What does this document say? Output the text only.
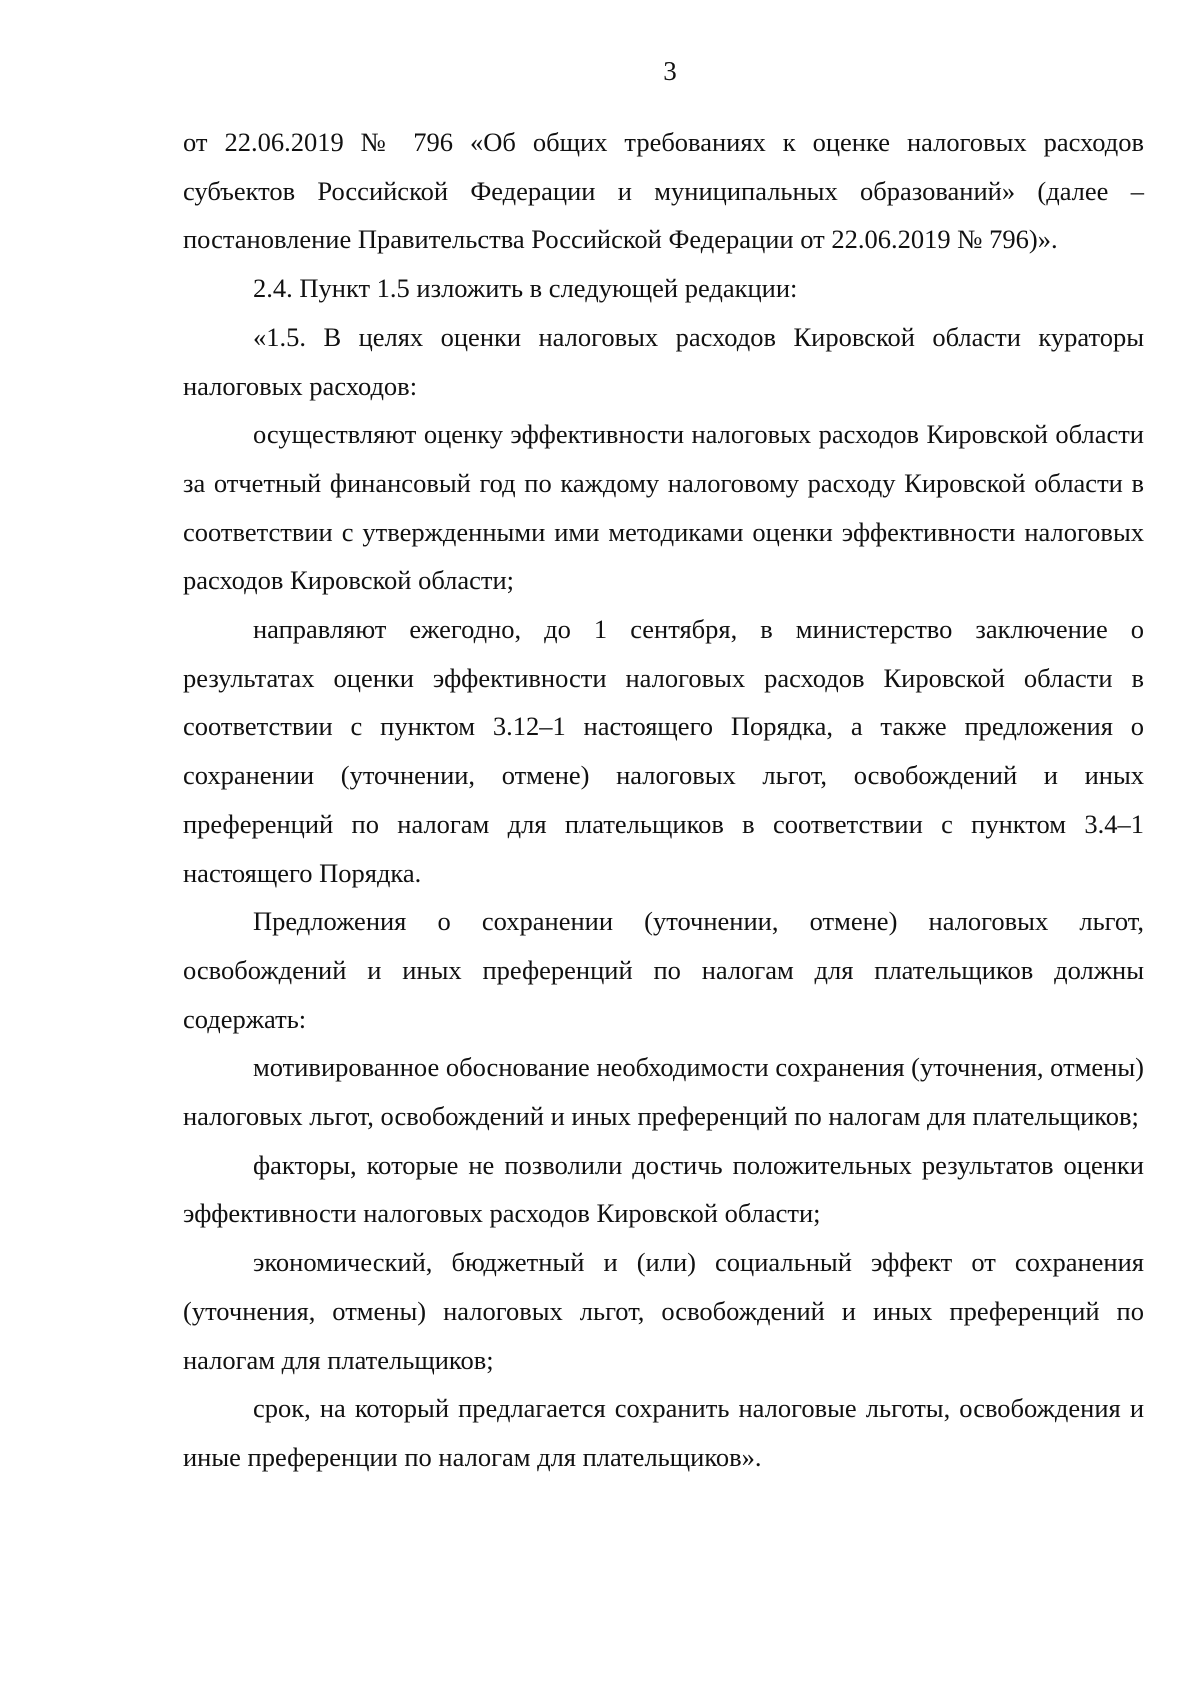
3

от 22.06.2019 № 796 «Об общих требованиях к оценке налоговых расходов субъектов Российской Федерации и муниципальных образований» (далее – постановление Правительства Российской Федерации от 22.06.2019 № 796)».

2.4. Пункт 1.5 изложить в следующей редакции:

«1.5. В целях оценки налоговых расходов Кировской области кураторы налоговых расходов:

осуществляют оценку эффективности налоговых расходов Кировской области за отчетный финансовый год по каждому налоговому расходу Кировской области в соответствии с утвержденными ими методиками оценки эффективности налоговых расходов Кировской области;

направляют ежегодно, до 1 сентября, в министерство заключение о результатах оценки эффективности налоговых расходов Кировской области в соответствии с пунктом 3.12–1 настоящего Порядка, а также предложения о сохранении (уточнении, отмене) налоговых льгот, освобождений и иных преференций по налогам для плательщиков в соответствии с пунктом 3.4–1 настоящего Порядка.

Предложения о сохранении (уточнении, отмене) налоговых льгот, освобождений и иных преференций по налогам для плательщиков должны содержать:

мотивированное обоснование необходимости сохранения (уточнения, отмены) налоговых льгот, освобождений и иных преференций по налогам для плательщиков;

факторы, которые не позволили достичь положительных результатов оценки эффективности налоговых расходов Кировской области;

экономический, бюджетный и (или) социальный эффект от сохранения (уточнения, отмены) налоговых льгот, освобождений и иных преференций по налогам для плательщиков;

срок, на который предлагается сохранить налоговые льготы, освобождения и иные преференции по налогам для плательщиков».
